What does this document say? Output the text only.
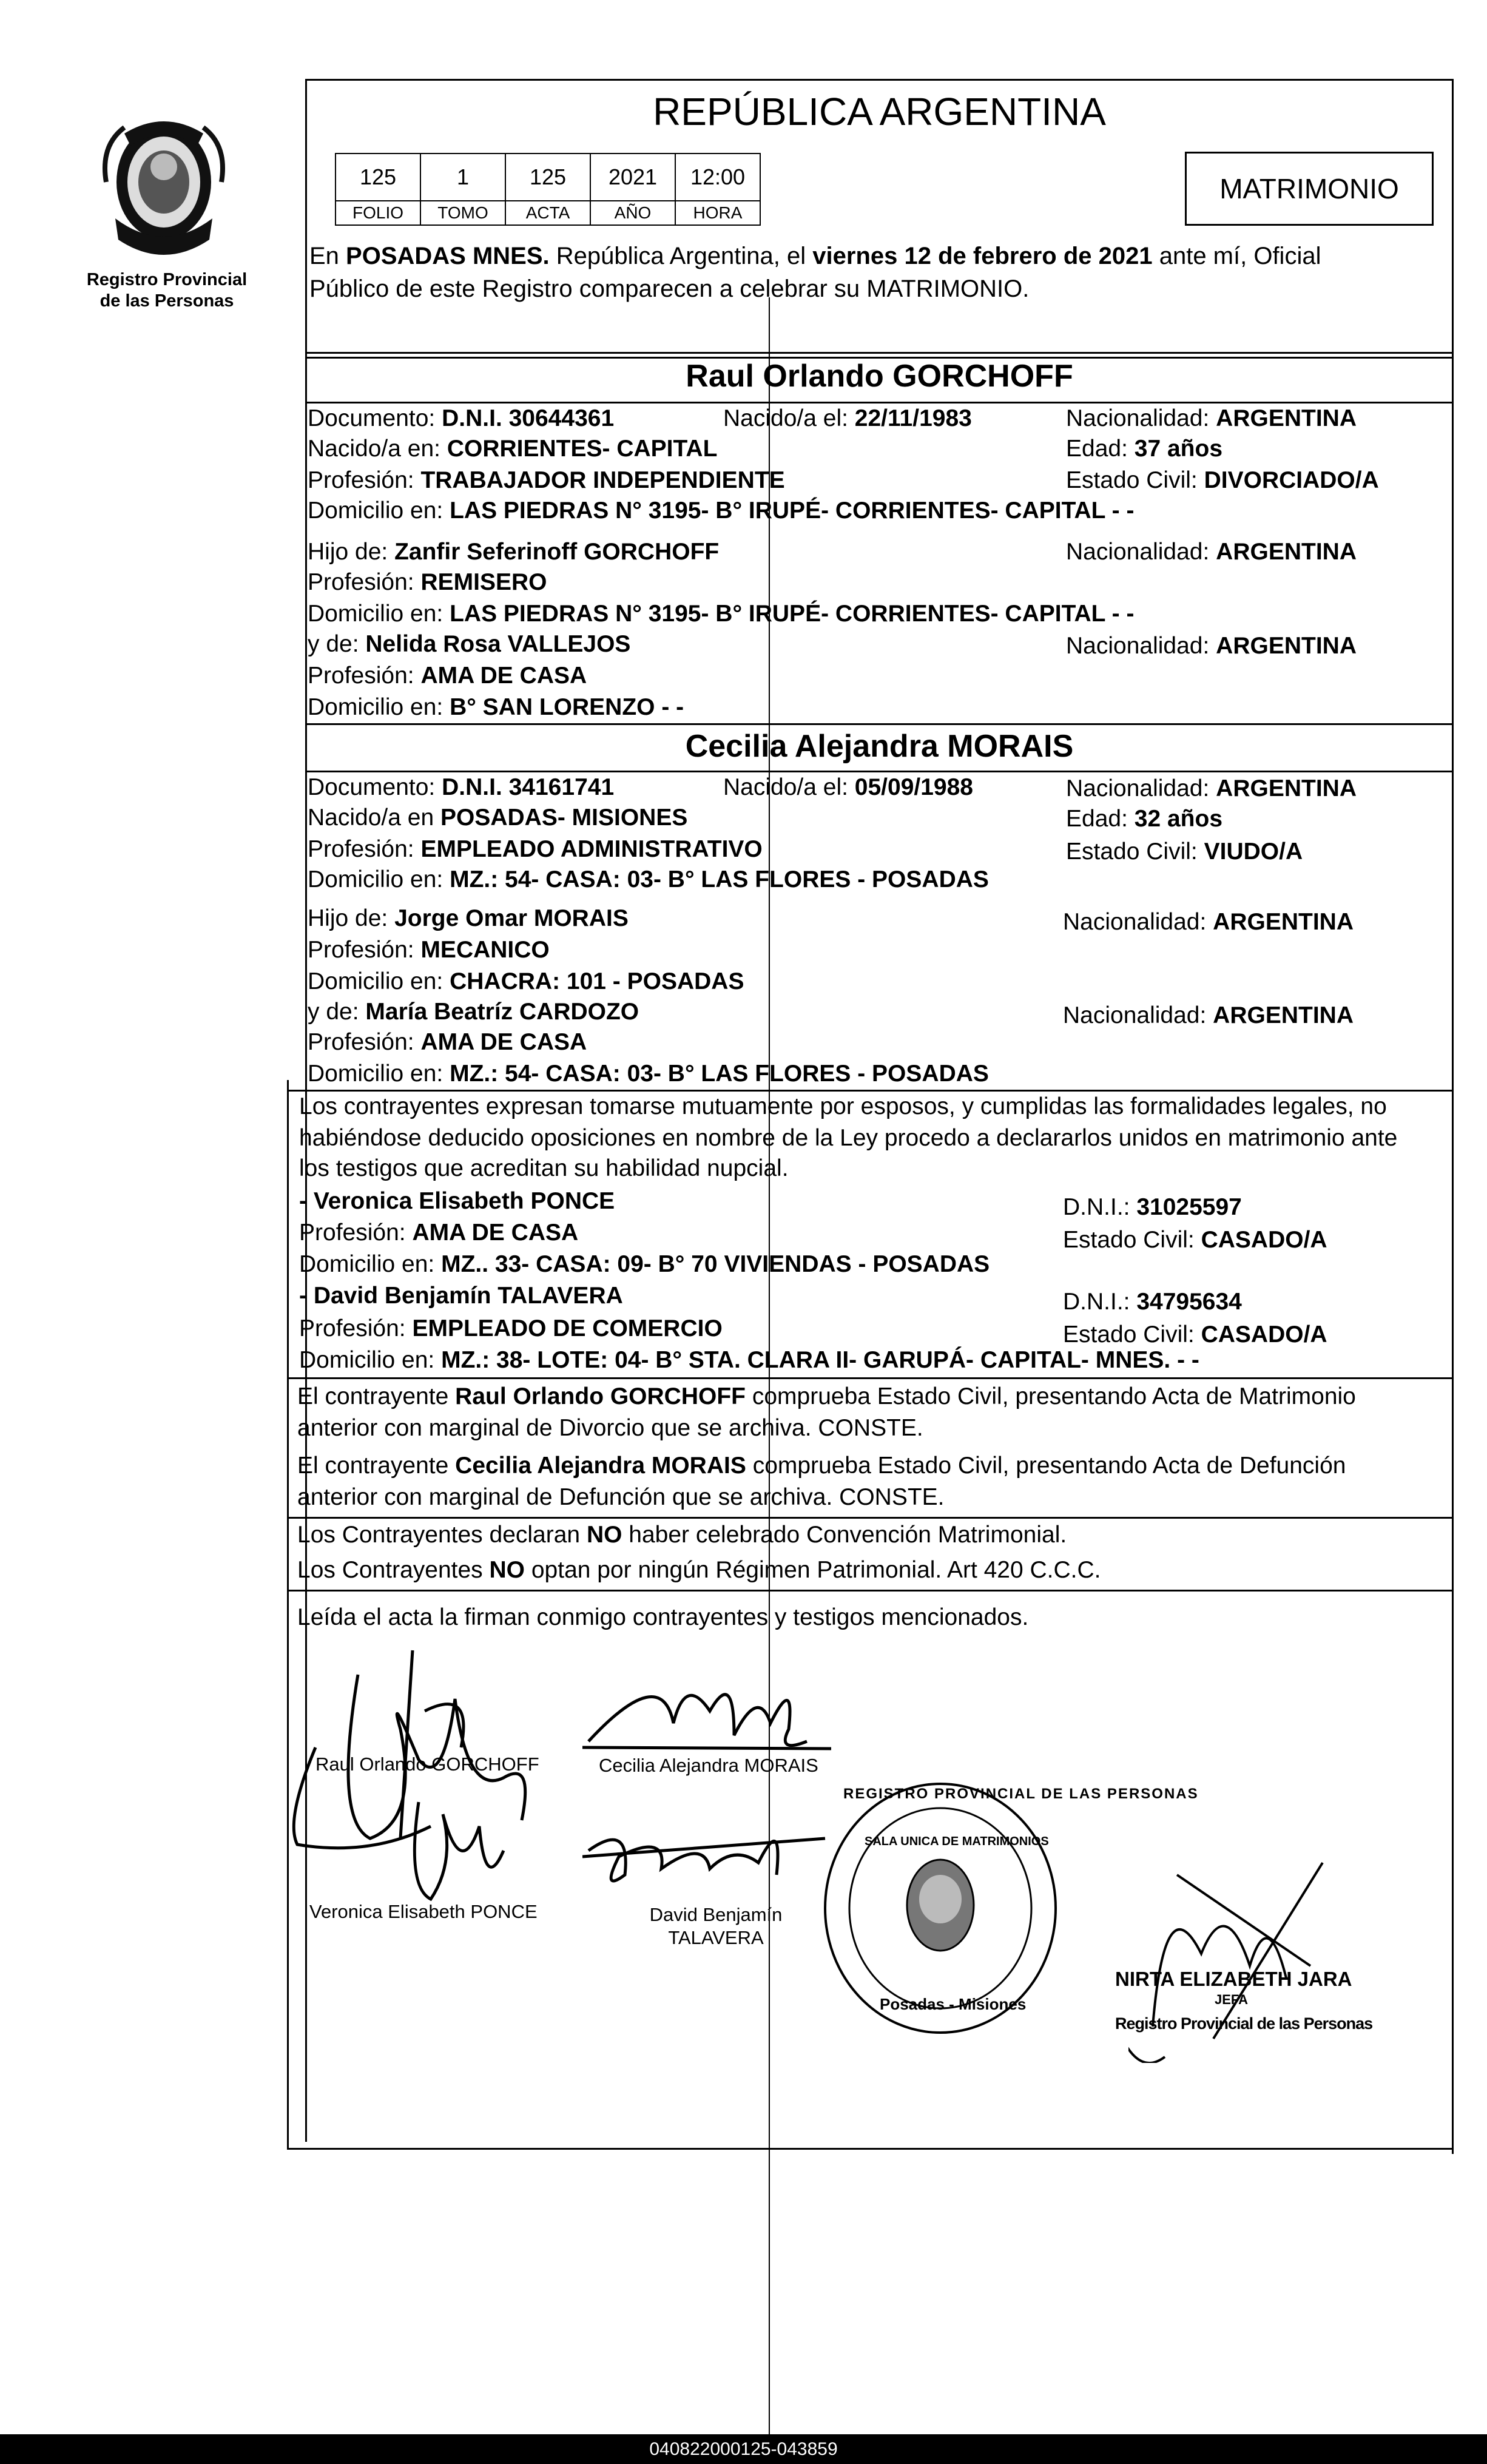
Registro Provincial
de las Personas
REPÚBLICA ARGENTINA
125	1	125	2021	12:00
FOLIO	TOMO	ACTA	AÑO	HORA
MATRIMONIO
En POSADAS MNES. República Argentina, el viernes 12 de febrero de 2021 ante mí, Oficial
Público de este Registro comparecen a celebrar su MATRIMONIO.
Raul Orlando GORCHOFF
Documento: D.N.I. 30644361	Nacido/a el: 22/11/1983	Nacionalidad: ARGENTINA
Nacido/a en: CORRIENTES- CAPITAL	Edad: 37 años
Profesión: TRABAJADOR INDEPENDIENTE	Estado Civil: DIVORCIADO/A
Domicilio en: LAS PIEDRAS N° 3195- B° IRUPÉ- CORRIENTES- CAPITAL - -
Hijo de: Zanfir Seferinoff GORCHOFF	Nacionalidad: ARGENTINA
Profesión: REMISERO
Domicilio en: LAS PIEDRAS N° 3195- B° IRUPÉ- CORRIENTES- CAPITAL - -
y de: Nelida Rosa VALLEJOS	Nacionalidad: ARGENTINA
Profesión: AMA DE CASA
Domicilio en: B° SAN LORENZO - -
Cecilia Alejandra MORAIS
Documento: D.N.I. 34161741	Nacido/a el: 05/09/1988	Nacionalidad: ARGENTINA
Nacido/a en POSADAS- MISIONES	Edad: 32 años
Profesión: EMPLEADO ADMINISTRATIVO	Estado Civil: VIUDO/A
Domicilio en: MZ.: 54- CASA: 03- B° LAS FLORES - POSADAS
Hijo de: Jorge Omar MORAIS	Nacionalidad: ARGENTINA
Profesión: MECANICO
Domicilio en: CHACRA: 101 - POSADAS
y de: María Beatríz CARDOZO	Nacionalidad: ARGENTINA
Profesión: AMA DE CASA
Domicilio en: MZ.: 54- CASA: 03- B° LAS FLORES - POSADAS
Los contrayentes expresan tomarse mutuamente por esposos, y cumplidas las formalidades legales, no
habiéndose deducido oposiciones en nombre de la Ley procedo a declararlos unidos en matrimonio ante
los testigos que acreditan su habilidad nupcial.
- Veronica Elisabeth PONCE	D.N.I.: 31025597
Profesión: AMA DE CASA	Estado Civil: CASADO/A
Domicilio en: MZ.. 33- CASA: 09- B° 70 VIVIENDAS - POSADAS
- David Benjamín TALAVERA	D.N.I.: 34795634
Profesión: EMPLEADO DE COMERCIO	Estado Civil: CASADO/A
Domicilio en: MZ.: 38- LOTE: 04- B° STA. CLARA II- GARUPÁ- CAPITAL- MNES. - -
El contrayente Raul Orlando GORCHOFF comprueba Estado Civil, presentando Acta de Matrimonio
anterior con marginal de Divorcio que se archiva. CONSTE.
El contrayente Cecilia Alejandra MORAIS comprueba Estado Civil, presentando Acta de Defunción
anterior con marginal de Defunción que se archiva. CONSTE.
Los Contrayentes declaran NO haber celebrado Convención Matrimonial.
Los Contrayentes NO optan por ningún Régimen Patrimonial. Art 420 C.C.C.
Leída el acta la firman conmigo contrayentes y testigos mencionados.
Raul Orlando GORCHOFF	Cecilia Alejandra MORAIS
Veronica Elisabeth PONCE	David Benjamín
TALAVERA
REGISTRO PROVINCIAL DE LAS PERSONAS
SALA UNICA DE MATRIMONIOS
Posadas - Misiones
NIRTA ELIZABETH JARA
JEFA
Registro Provincial de las Personas
040822000125-043859
